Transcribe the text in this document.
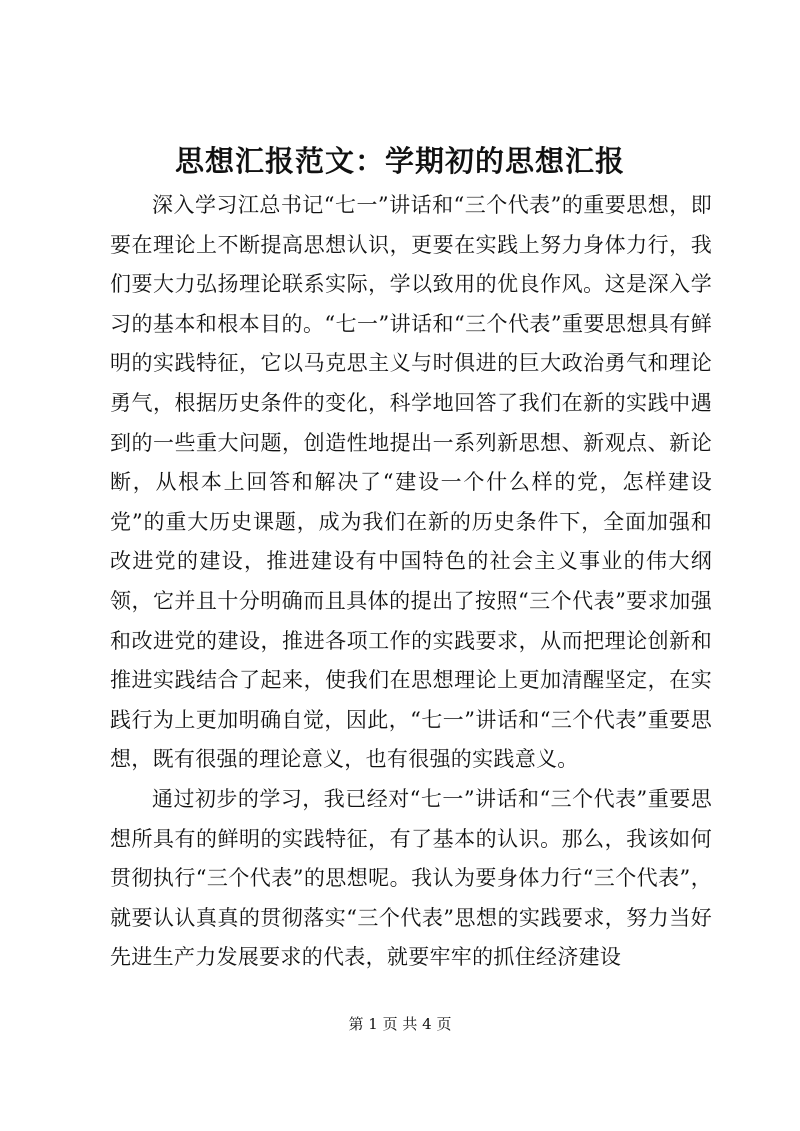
思想汇报范文：学期初的思想汇报

深入学习江总书记“七一”讲话和“三个代表”的重要思想，即要在理论上不断提高思想认识，更要在实践上努力身体力行，我们要大力弘扬理论联系实际，学以致用的优良作风。这是深入学习的基本和根本目的。“七一”讲话和“三个代表”重要思想具有鲜明的实践特征，它以马克思主义与时俱进的巨大政治勇气和理论勇气，根据历史条件的变化，科学地回答了我们在新的实践中遇到的一些重大问题，创造性地提出一系列新思想、新观点、新论断，从根本上回答和解决了“建设一个什么样的党，怎样建设党”的重大历史课题，成为我们在新的历史条件下，全面加强和改进党的建设，推进建设有中国特色的社会主义事业的伟大纲领，它并且十分明确而且具体的提出了按照“三个代表”要求加强和改进党的建设，推进各项工作的实践要求，从而把理论创新和推进实践结合了起来，使我们在思想理论上更加清醒坚定，在实践行为上更加明确自觉，因此，“七一”讲话和“三个代表”重要思想，既有很强的理论意义，也有很强的实践意义。

通过初步的学习，我已经对“七一”讲话和“三个代表”重要思想所具有的鲜明的实践特征，有了基本的认识。那么，我该如何贯彻执行“三个代表”的思想呢。我认为要身体力行“三个代表”，就要认认真真的贯彻落实“三个代表”思想的实践要求，努力当好先进生产力发展要求的代表，就要牢牢的抓住经济建设

第 1 页 共 4 页
